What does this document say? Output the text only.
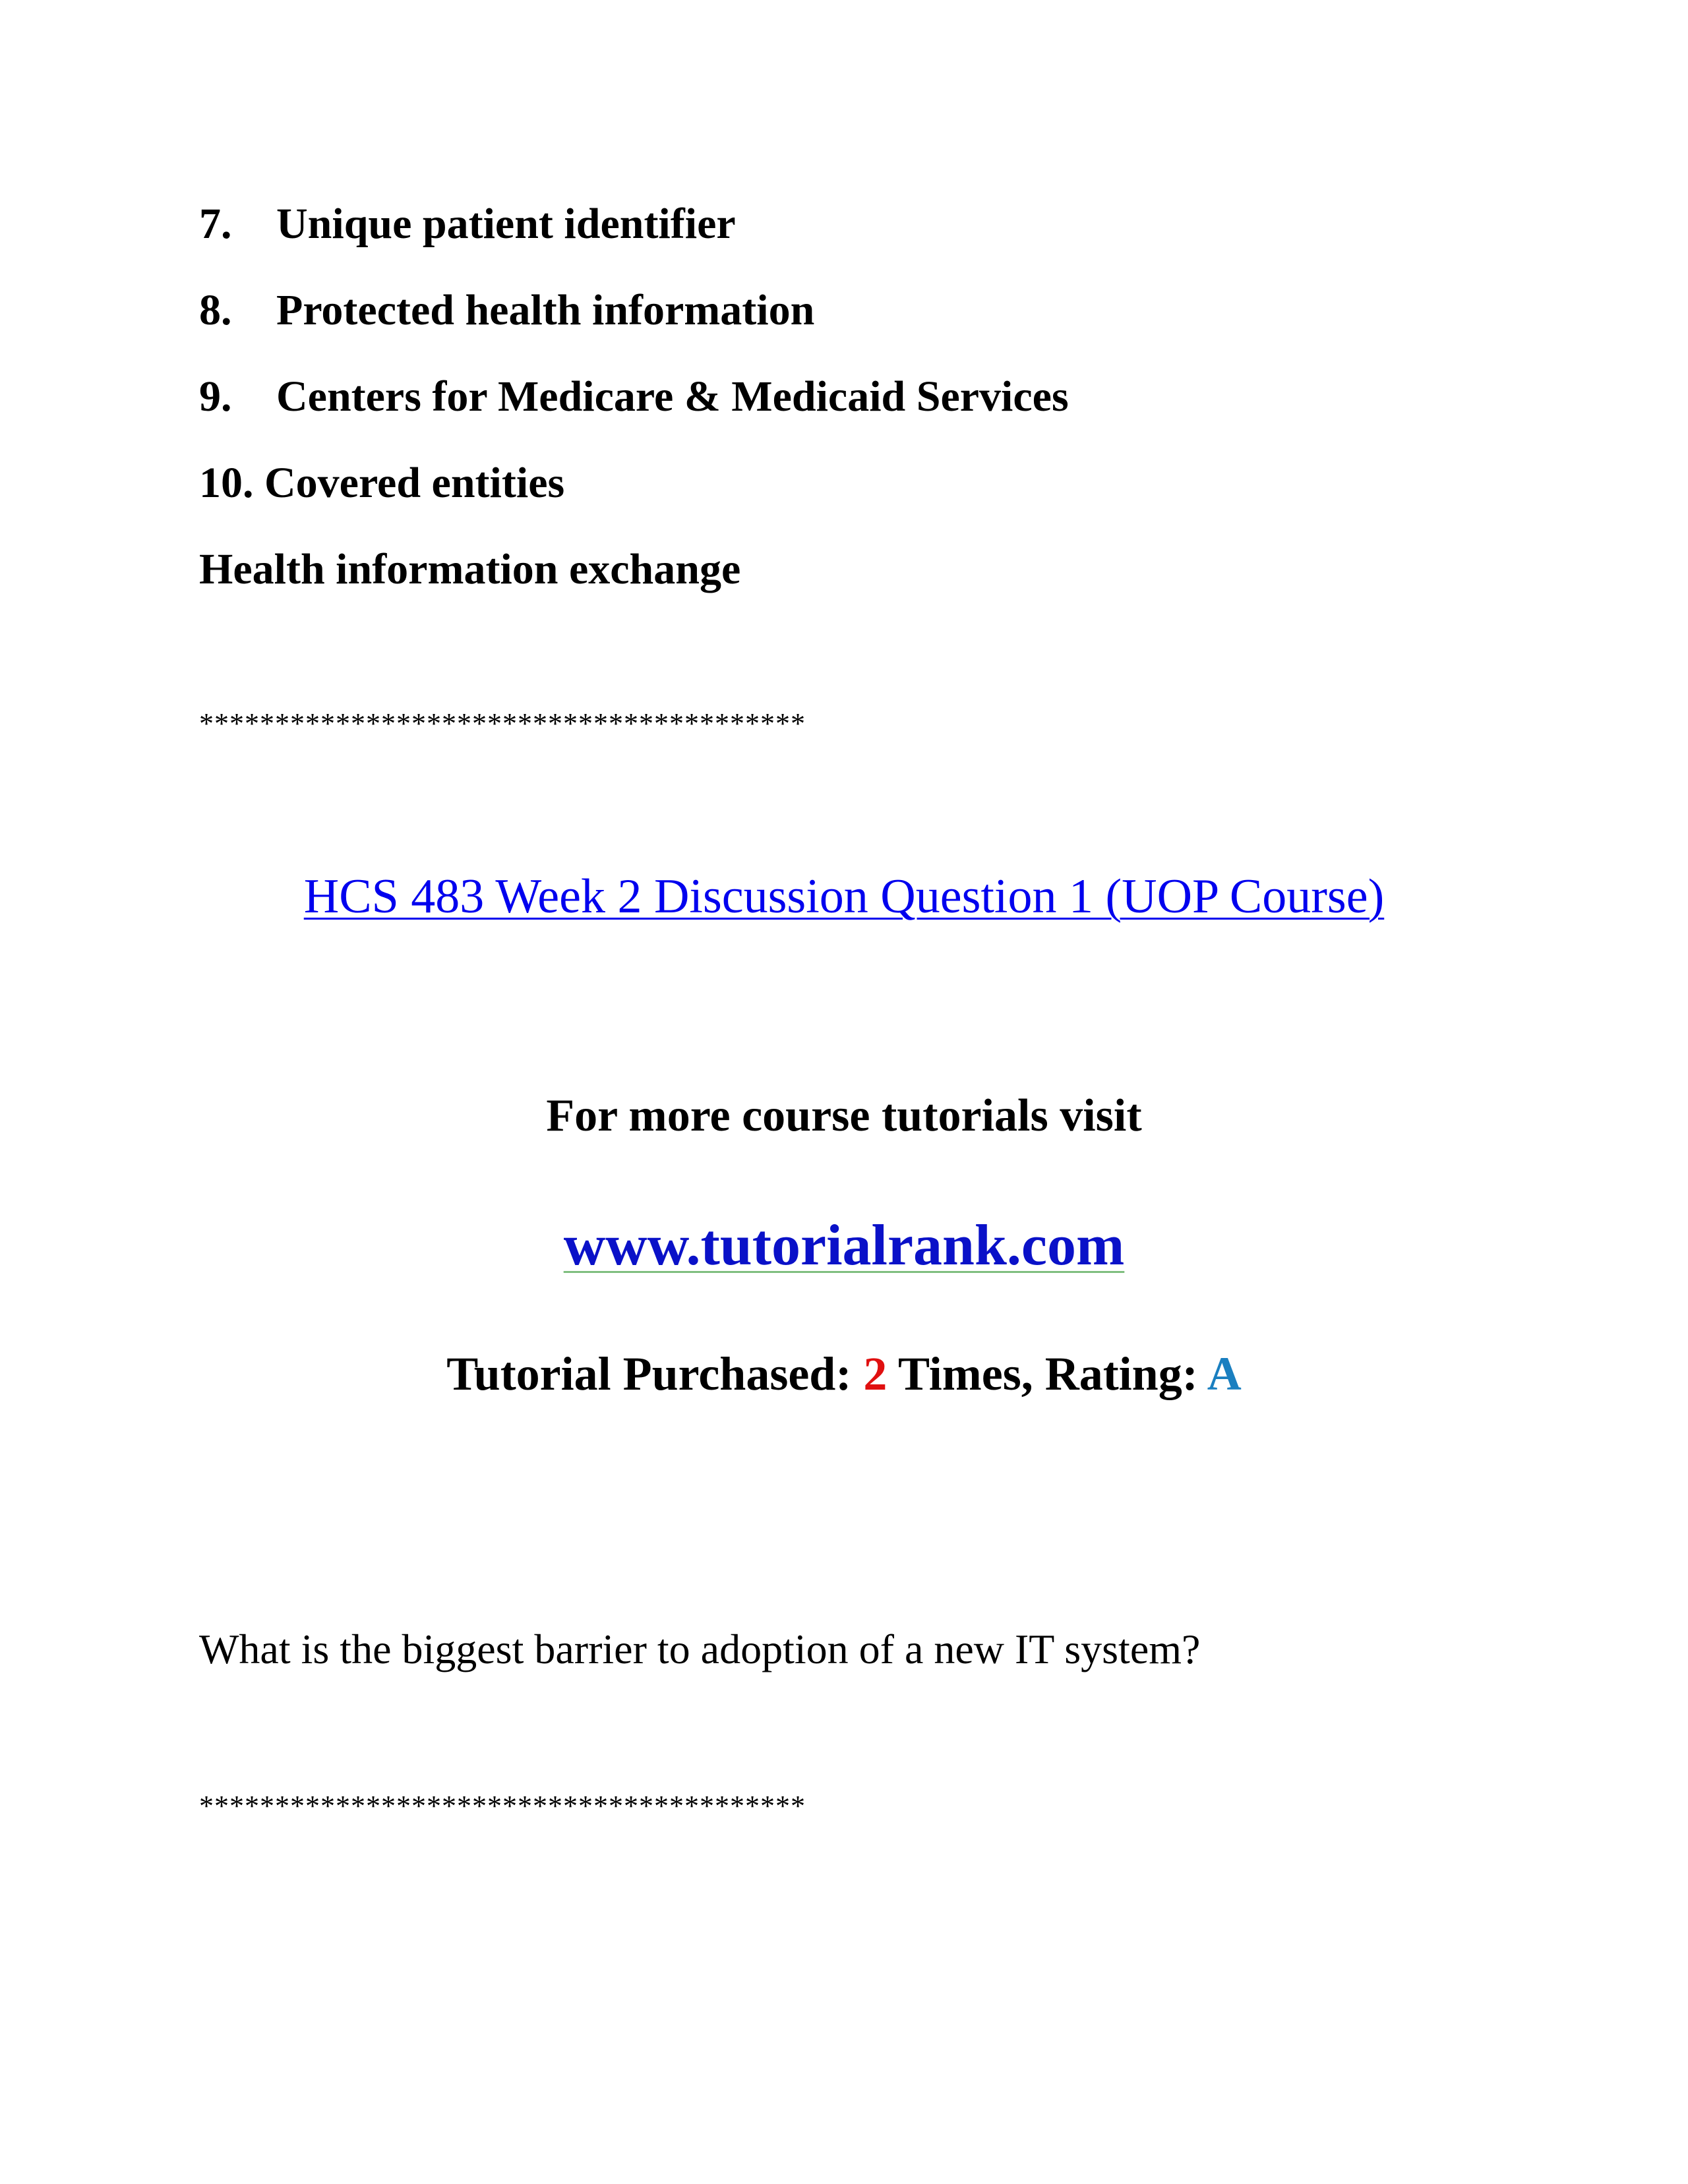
7. Unique patient identifier
8. Protected health information
9. Centers for Medicare & Medicaid Services
10. Covered entities
Health information exchange
****************************************
HCS 483 Week 2 Discussion Question 1 (UOP Course)
For more course tutorials visit
www.tutorialrank.com
Tutorial Purchased: 2 Times, Rating: A
What is the biggest barrier to adoption of a new IT system?
****************************************
